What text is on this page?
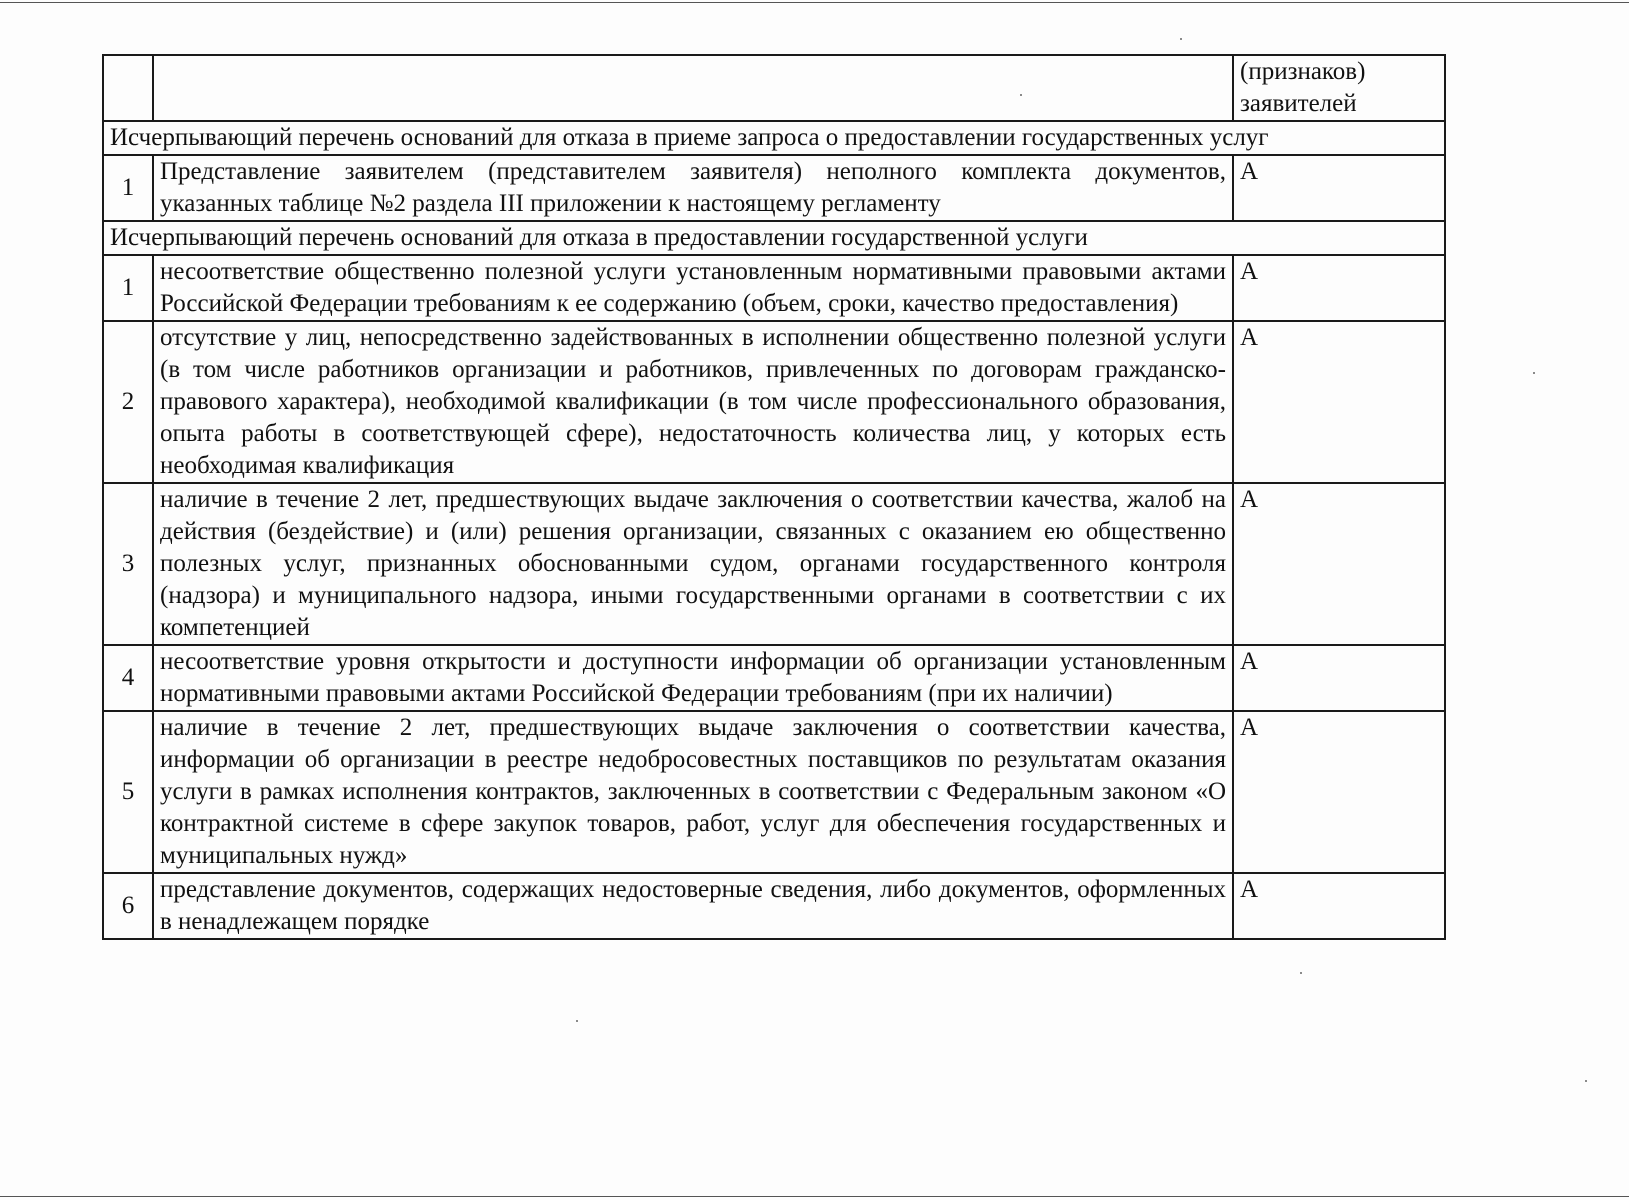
		(признаков) заявителей
Исчерпывающий перечень оснований для отказа в приеме запроса о предоставлении государственных услуг		
1	Представление заявителем (представителем заявителя) неполного комплекта документов, указанных таблице №2 раздела III приложении к настоящему регламенту	А
Исчерпывающий перечень оснований для отказа в предоставлении государственной услуги		
1	несоответствие общественно полезной услуги установленным нормативными правовыми актами Российской Федерации требованиям к ее содержанию (объем, сроки, качество предоставления)	А
2	отсутствие у лиц, непосредственно задействованных в исполнении общественно полезной услуги (в том числе работников организации и работников, привлеченных по договорам гражданско-правового характера), необходимой квалификации (в том числе профессионального образования, опыта работы в соответствующей сфере), недостаточность количества лиц, у которых есть необходимая квалификация	А
3	наличие в течение 2 лет, предшествующих выдаче заключения о соответствии качества, жалоб на действия (бездействие) и (или) решения организации, связанных с оказанием ею общественно полезных услуг, признанных обоснованными судом, органами государственного контроля (надзора) и муниципального надзора, иными государственными органами в соответствии с их компетенцией	А
4	несоответствие уровня открытости и доступности информации об организации установленным нормативными правовыми актами Российской Федерации требованиям (при их наличии)	А
5	наличие в течение 2 лет, предшествующих выдаче заключения о соответствии качества, информации об организации в реестре недобросовестных поставщиков по результатам оказания услуги в рамках исполнения контрактов, заключенных в соответствии с Федеральным законом «О контрактной системе в сфере закупок товаров, работ, услуг для обеспечения государственных и муниципальных нужд»	А
6	представление документов, содержащих недостоверные сведения, либо документов, оформленных в ненадлежащем порядке	А
